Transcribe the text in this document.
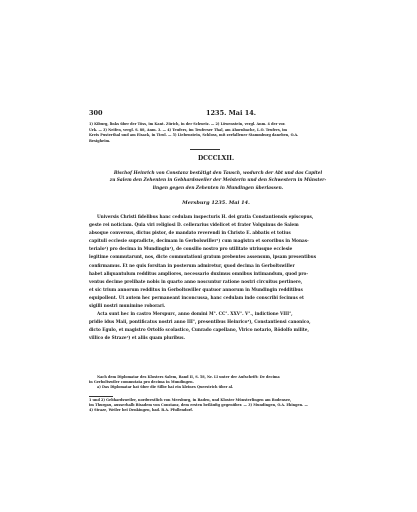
300	1235. Mai 14.

1) Kiburg, links über der Töss, im Kant. Zürich, in der Schweiz. — 2) Löwenstein, vergl. Anm. 4 der vor.

Urk. — 3) Neifen, vergl. S. 88, Anm. 3. — 4) Teufers, im Teuferser Thal, am Ahornbache, L.O. Teufers, im

Kreis Pusterthal und am Eisack, in Tirol. — 5) Liebenstein, Schloss, mit zerfallener Stammburg daneben, O.A.

Besigheim.

DCCCLXII.

Bischof Heinrich von Constanz bestätigt den Tausch, wodurch der Abt und das Capitel

zu Salem den Zehenten in Gebhardsweiler der Meisterin und den Schwestern in Münster-

lingen gegen den Zehenten in Mundingen überlassen.

Mersburg 1235. Mai 14.

Universis Christi fidelibus hanc cedulam inspecturis H. dei gratia Constantiensis episcopus,

geste rei noticiam. Quia viri religiosi D. cellerarius videlicet et frater Volquinus de Salem

absoque conversus, dictus pistor, de mandato reverendi in Christo E. abbatis et totius

capituli ecclesie supradicte, decimam in Gerbolswiller¹) cum magistra et sororibus in Monas-

terialo²) pro decima in Mundingin³), de consilio nostro pro utilitate utriusque ecclesie

legitime commutarunt, nos, dicte commutationi gratum prebentes assensum, ipsam presentibus

confirmamus. Et ne quis forsitan in posterum admiretur, quod decima in Gerboltswiller

habet aliquantulum redditus ampliores, necessario duximus omnibus intimandum, quod pro-

ventus decime prelibate nobis in quarto anno noscuntur ratione nostri circuitus pertinere,

et sic trium annorum redditus in Gerboltswiller quatuor annorum in Mundingin redditibus

equipollent. Ut autem hec permaneant inconcussa, hanc cedulam inde conscribi fecimus et

sigilli nostri munimine roborari.

Acta sunt hec in castro Merspurc, anno domini M°. CC°. XXV°. V°., indictione VIII°,

pridie idus Maii, pontificatus nostri anno III°, presentibus Heinrico⁴), Constantiensi canonico,

dicto Egulo, et magistro Ortolfo scolastico, Cunrado capellano, Vlrico notario, Rŏdolfo milite,

villico de Straze⁵) et aliis quam pluribus.

Nach dem Diplomatar des Klosters Salem, Band II, S. 58, Nr. LI unter der Aufschrift: De decima

in Gerboltswiler commutata pro decima in Mundingen.

a) Das Diplomatar hat über die Silbe hai ein kleines Querstrich über al.

1 und 2) Gebhardsweiler, nordwestlich von Mersburg, in Baden, und Kloster Münsterlingen am Bodensee,

im Thurgau, ausserhalb Bisadem von Constanz, dem ersten beiläufig gegenüber. — 3) Mundingen, O.A. Ehingen. —

4) Straze, Weiler bei Denkingen, bad. B.A. Pfullendorf.
